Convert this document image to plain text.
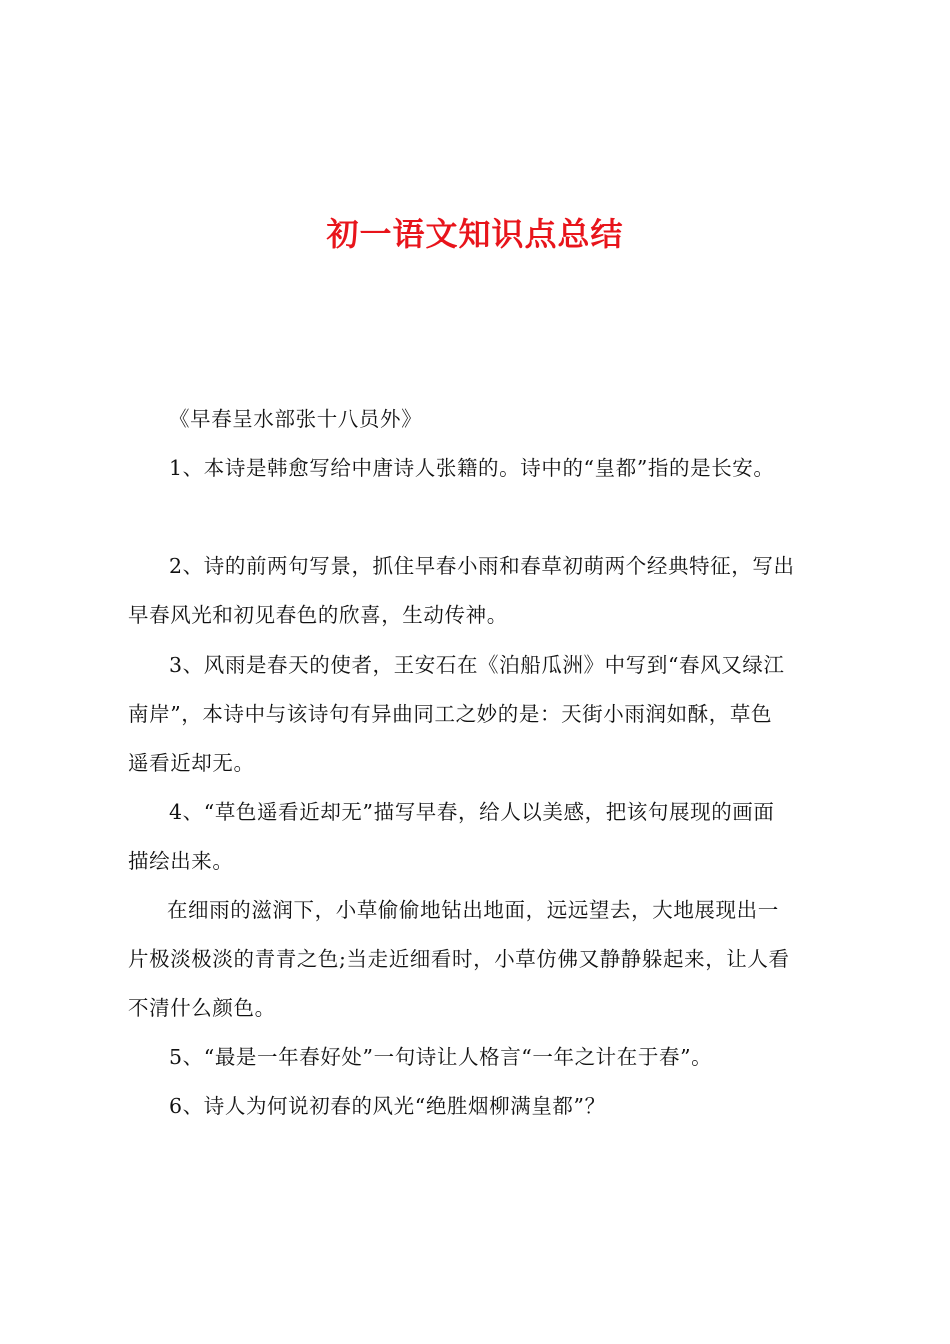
初一语文知识点总结
《早春呈水部张十八员外》
1、本诗是韩愈写给中唐诗人张籍的。诗中的“皇都”指的是长安。
2、诗的前两句写景，抓住早春小雨和春草初萌两个经典特征，写出
早春风光和初见春色的欣喜，生动传神。
3、风雨是春天的使者，王安石在《泊船瓜洲》中写到“春风又绿江
南岸”，本诗中与该诗句有异曲同工之妙的是：天街小雨润如酥，草色
遥看近却无。
4、“草色遥看近却无”描写早春，给人以美感，把该句展现的画面
描绘出来。
在细雨的滋润下，小草偷偷地钻出地面，远远望去，大地展现出一
片极淡极淡的青青之色;当走近细看时，小草仿佛又静静躲起来，让人看
不清什么颜色。
5、“最是一年春好处”一句诗让人格言“一年之计在于春”。
6、诗人为何说初春的风光“绝胜烟柳满皇都”？
